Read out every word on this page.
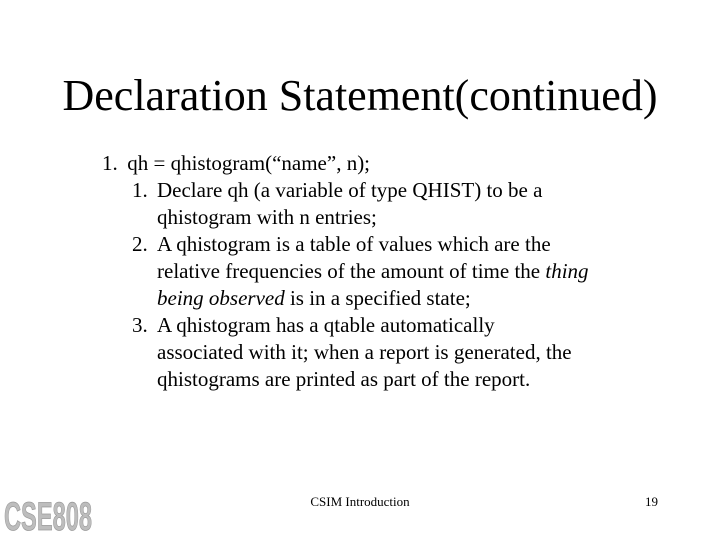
Declaration Statement(continued)
1. qh = qhistogram(“name”, n);
1. Declare qh (a variable of type QHIST) to be a
qhistogram with n entries;
2. A qhistogram is a table of values which are the
relative frequencies of the amount of time the thing
being observed is in a specified state;
3. A qhistogram has a qtable automatically
associated with it; when a report is generated, the
qhistograms are printed as part of the report.
CSIM Introduction	19
CSE808
